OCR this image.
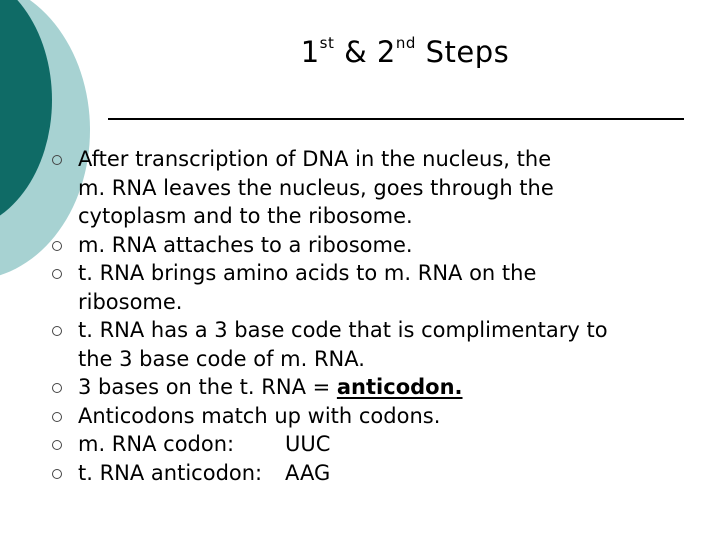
1st & 2nd Steps
After transcription of DNA in the nucleus, the
m. RNA leaves the nucleus, goes through the
cytoplasm and to the ribosome.
m. RNA attaches to a ribosome.
t. RNA brings amino acids to m. RNA on the
ribosome.
t. RNA has a 3 base code that is complimentary to
the 3 base code of m. RNA.
3 bases on the t. RNA = anticodon.
Anticodons match up with codons.
m. RNA codon: UUC
t. RNA anticodon: AAG
